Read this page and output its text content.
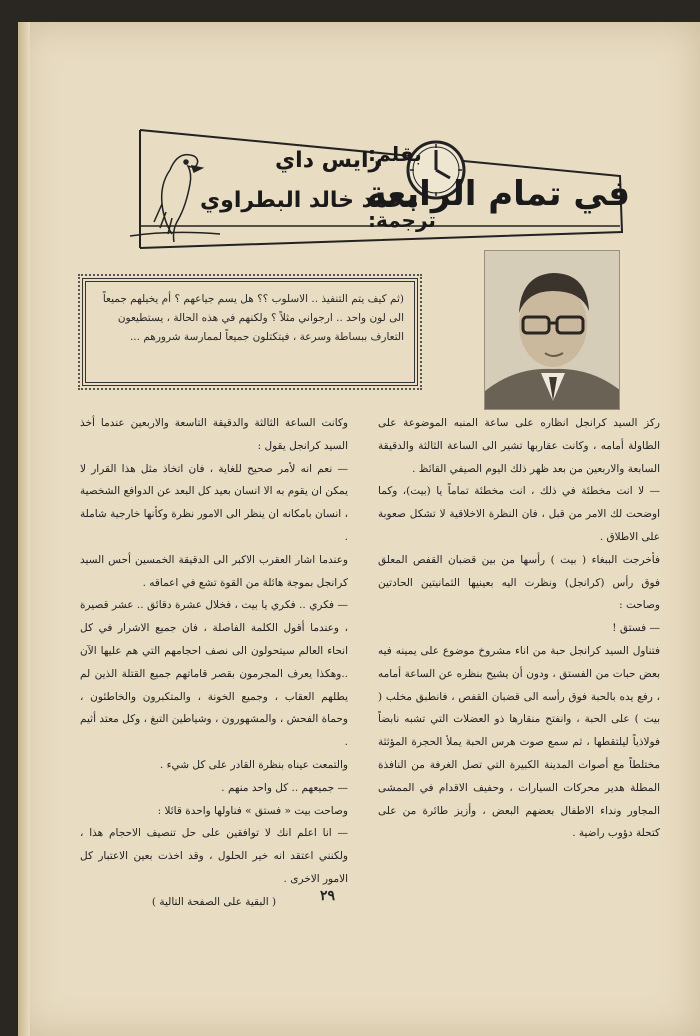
في تمام الرابعة
بقلم:
رايس داي
ترجمة:
محمد خالد البطراوي

(ثم كيف يتم التنفيذ .. الاسلوب ؟؟ هل يسم جياعهم ؟ أم يخيلهم جميعاً الى لون واحد .. ارجواني مثلاً ؟ ولكنهم في هذه الحالة ، يستطيعون التعارف ببساطة وسرعة ، فيتكتلون جميعاً لممارسة شرورهم ...

ركز السيد كرانجل انظاره على ساعة المنبه الموضوعة على الطاولة أمامه ، وكانت عقاربها تشير الى الساعة الثالثة والدقيقة السابعة والاربعين من بعد ظهر ذلك اليوم الصيفي القائظ .

— لا انت مخطئة في ذلك ، انت مخطئة تماماً يا (بيت)، وكما اوضحت لك الامر من قبل ، فان النظرة الاخلاقية لا تشكل صعوبة على الاطلاق .

فأخرجت الببغاء ( بيت ) رأسها من بين قضبان القفص المعلق فوق رأس (كرانجل) ونظرت اليه بعينيها الثمانيتين الحادتين وصاحت :

— فستق !

فتناول السيد كرانجل حبة من اناء مشروخ موضوع على يمينه فيه بعض حبات من الفستق ، ودون أن يشيح بنظره عن الساعة أمامه ، رفع يده بالحبة فوق رأسه الى قضبان القفص ، فانطبق مخلب ( بيت ) على الحبة ، وانفتح منقارها ذو العضلات التي تشبه نابضاً فولاذياً ليلتقطها ، ثم سمع صوت هرس الحبة يملأ الحجرة المؤثثة مختلطاً مع أصوات المدينة الكبيرة التي تصل الغرفة من النافذة المطلة هدير محركات السيارات ، وحفيف الاقدام في الممشى المجاور ونداء الاطفال بعضهم البعض ، وأزيز طائرة من على كتحلة دؤوب راضية .

وكانت الساعة الثالثة والدقيقة التاسعة والاربعين عندما أخذ السيد كرانجل يقول :

— نعم انه لأمر صحيح للغاية ، فان اتخاذ مثل هذا القرار لا يمكن ان يقوم به الا انسان بعيد كل البعد عن الدوافع الشخصية ، انسان بامكانه ان ينظر الى الامور نظرة وكأنها خارجية شاملة .

وعندما اشار العقرب الاكبر الى الدقيقة الخمسين أحس السيد كرانجل بموجة هائلة من القوة تشع في اعماقه .

— فكري .. فكري يا بيت ، فخلال عشرة دقائق .. عشر قصيرة ، وعندما أقول الكلمة الفاصلة ، فان جميع الاشرار في كل انحاء العالم سيتحولون الى نصف احجامهم التي هم عليها الآن ..وهكذا يعرف المجرمون بقصر قاماتهم جميع القتلة الذين لم يطلهم العقاب ، وجميع الخونة ، والمتكبرون والخاطئون ، وحماة الفحش ، والمشهورون ، وشياطين التبغ ، وكل معتد أثيم .

والتمعت عيناه بنظرة القادر على كل شيء .

— جميعهم .. كل واحد منهم .

وصاحت بيت « فستق » فناولها واحدة قائلا :

— انا اعلم انك لا توافقين على حل تنصيف الاحجام هذا ، ولكنني اعتقد انه خير الحلول ، وقد اخذت بعين الاعتبار كل الامور الاخرى .

( البقية على الصفحة التالية )	٢٩
